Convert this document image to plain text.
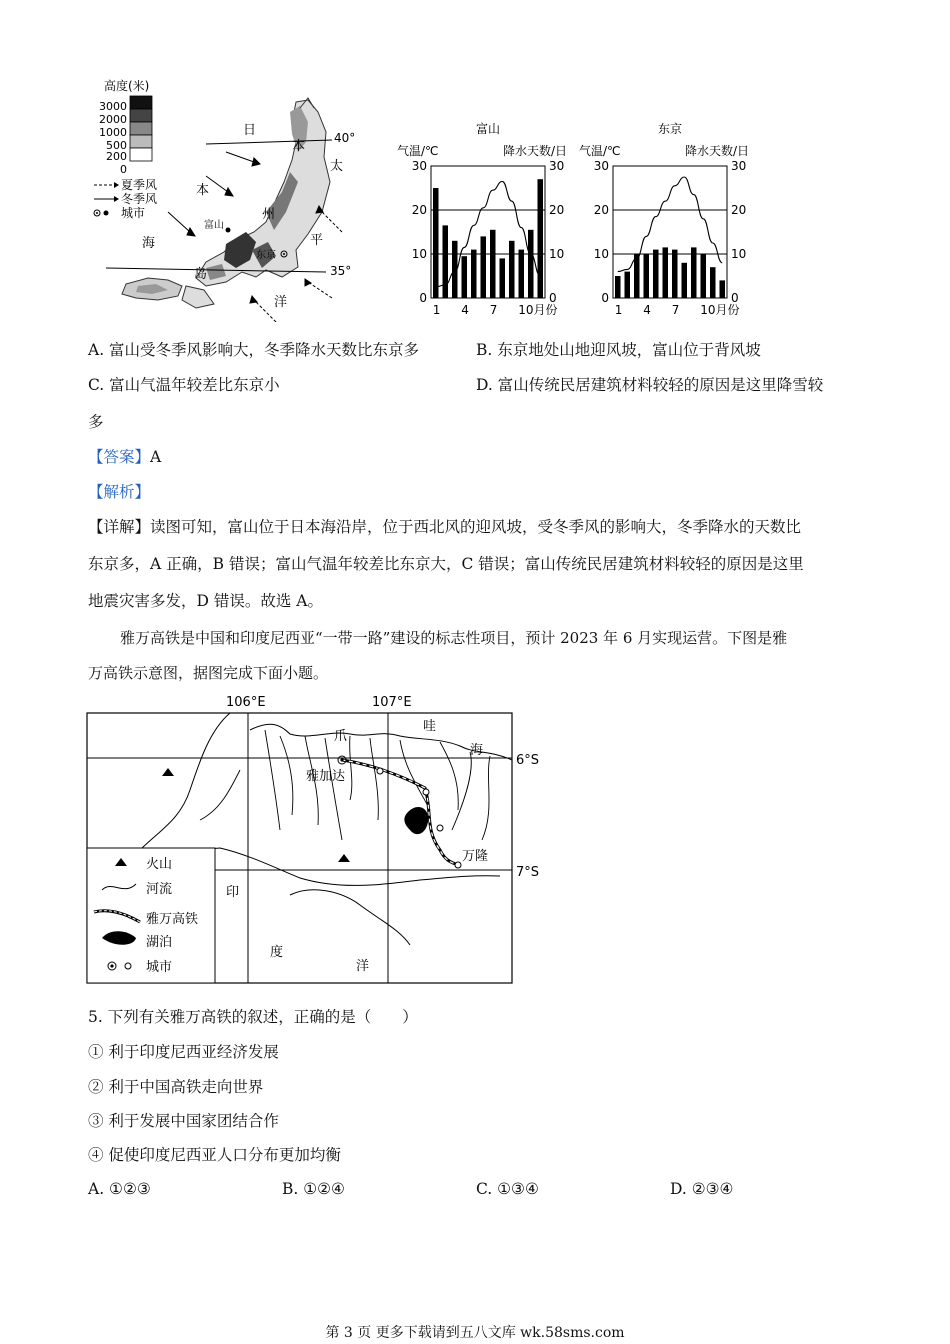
高度(米)
3000
2000
1000
500
200
0
夏季风
冬季风
城市
40°
35°
日
本
海
本
州
岛
太
平
洋
富山
东京
富山
气温/℃	降水天数/日
0	0
10	10
20	20
30	30
1 4 7 10月份
东京
气温/℃	降水天数/日
0	0
10	10
20	20
30	30
1 4 7 10月份
A. 富山受冬季风影响大，冬季降水天数比东京多	B. 东京地处山地迎风坡，富山位于背风坡
C. 富山气温年较差比东京小	D. 富山传统民居建筑材料较轻的原因是这里降雪较
多
【答案】A
【解析】
【详解】读图可知，富山位于日本海沿岸，位于西北风的迎风坡，受冬季风的影响大，冬季降水的天数比
东京多，A 正确，B 错误；富山气温年较差比东京大，C 错误；富山传统民居建筑材料较轻的原因是这里
地震灾害多发，D 错误。故选 A。
雅万高铁是中国和印度尼西亚“一带一路”建设的标志性项目，预计 2023 年 6 月实现运营。下图是雅
万高铁示意图，据图完成下面小题。
106°E	107°E
6°S
7°S
爪
哇
海
雅加达
万隆
印
度
洋
火山
河流
雅万高铁
湖泊
城市
5. 下列有关雅万高铁的叙述，正确的是（　　）
① 利于印度尼西亚经济发展
② 利于中国高铁走向世界
③ 利于发展中国家团结合作
④ 促使印度尼西亚人口分布更加均衡
A. ①②③	B. ①②④	C. ①③④	D. ②③④
第 3 页 更多下载请到五八文库 wk.58sms.com
